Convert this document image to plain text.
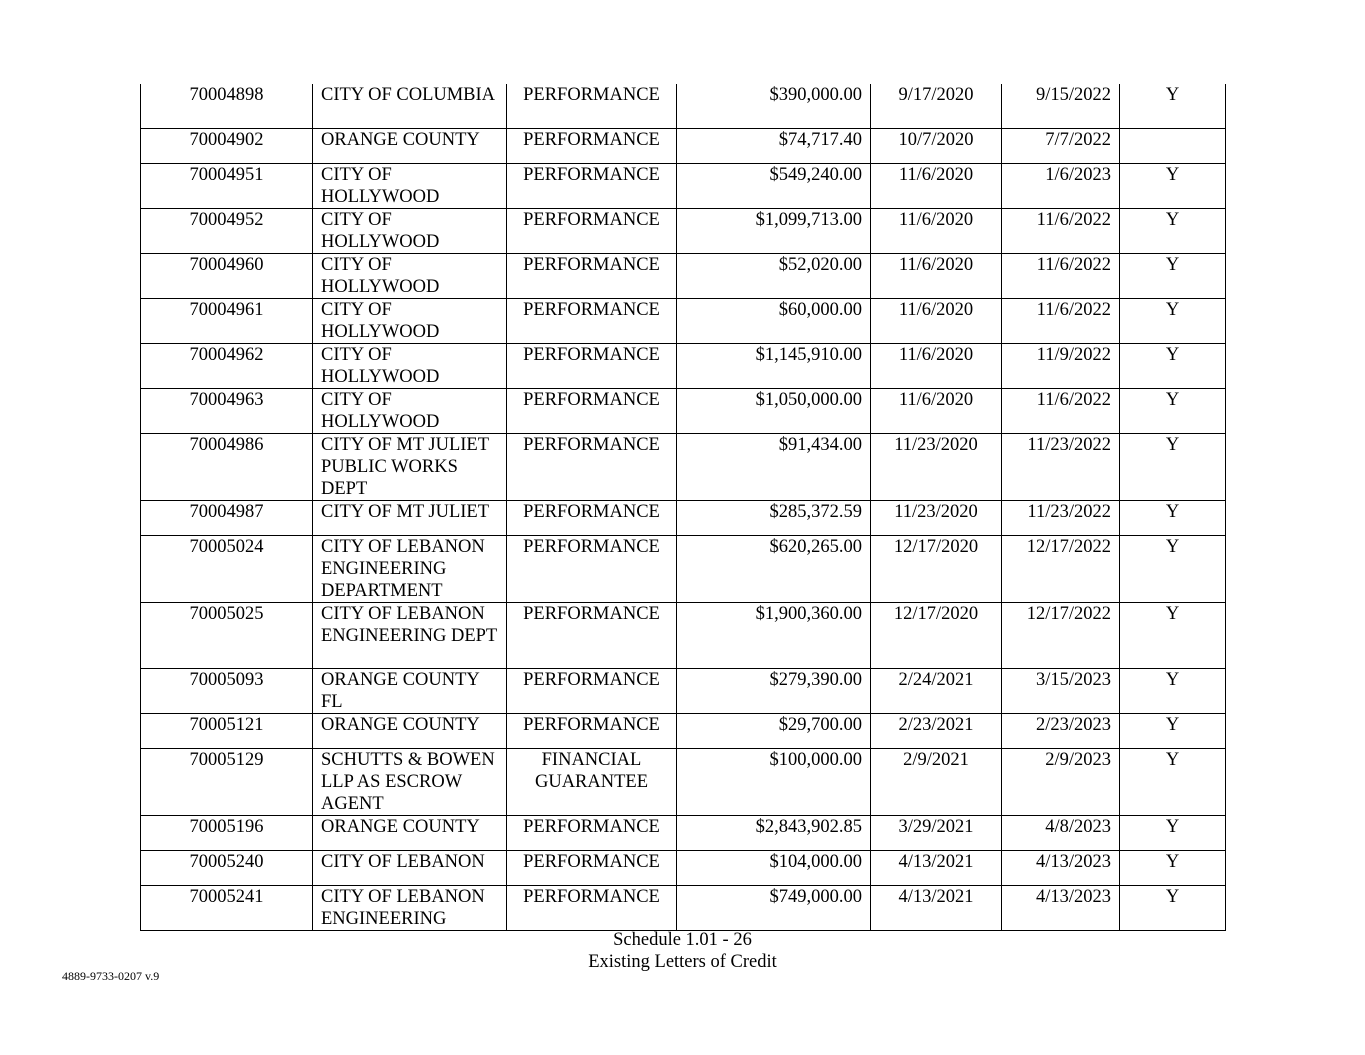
70004898	CITY OF COLUMBIA	PERFORMANCE	$390,000.00	9/17/2020	9/15/2022	Y

70004902	ORANGE COUNTY	PERFORMANCE	$74,717.40	10/7/2020	7/7/2022	

70004951	CITY OF HOLLYWOOD	PERFORMANCE	$549,240.00	11/6/2020	1/6/2023	Y

70004952	CITY OF HOLLYWOOD	PERFORMANCE	$1,099,713.00	11/6/2020	11/6/2022	Y

70004960	CITY OF HOLLYWOOD	PERFORMANCE	$52,020.00	11/6/2020	11/6/2022	Y

70004961	CITY OF HOLLYWOOD	PERFORMANCE	$60,000.00	11/6/2020	11/6/2022	Y

70004962	CITY OF HOLLYWOOD	PERFORMANCE	$1,145,910.00	11/6/2020	11/9/2022	Y

70004963	CITY OF HOLLYWOOD	PERFORMANCE	$1,050,000.00	11/6/2020	11/6/2022	Y

70004986	CITY OF MT JULIET PUBLIC WORKS DEPT	PERFORMANCE	$91,434.00	11/23/2020	11/23/2022	Y

70004987	CITY OF MT JULIET	PERFORMANCE	$285,372.59	11/23/2020	11/23/2022	Y

70005024	CITY OF LEBANON ENGINEERING DEPARTMENT	PERFORMANCE	$620,265.00	12/17/2020	12/17/2022	Y

70005025	CITY OF LEBANON ENGINEERING DEPT	PERFORMANCE	$1,900,360.00	12/17/2020	12/17/2022	Y

70005093	ORANGE COUNTY FL	PERFORMANCE	$279,390.00	2/24/2021	3/15/2023	Y

70005121	ORANGE COUNTY	PERFORMANCE	$29,700.00	2/23/2021	2/23/2023	Y

70005129	SCHUTTS & BOWEN LLP AS ESCROW AGENT	FINANCIAL GUARANTEE	$100,000.00	2/9/2021	2/9/2023	Y

70005196	ORANGE COUNTY	PERFORMANCE	$2,843,902.85	3/29/2021	4/8/2023	Y

70005240	CITY OF LEBANON	PERFORMANCE	$104,000.00	4/13/2021	4/13/2023	Y

70005241	CITY OF LEBANON ENGINEERING	PERFORMANCE	$749,000.00	4/13/2021	4/13/2023	Y
Schedule 1.01 - 26
Existing Letters of Credit
4889-9733-0207 v.9
